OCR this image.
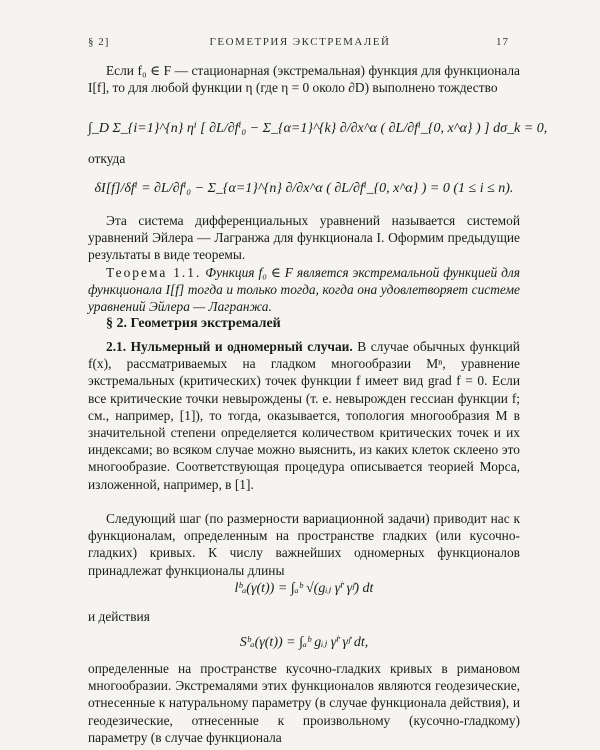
ГЕОМЕТРИЯ ЭКСТРЕМАЛЕЙ
§ 2]	17

Если f₀ ∈ F — стационарная (экстремальная) функция для функционала I[f], то для любой функции η (где η = 0 около ∂D) выполнено тождество

∫_D Σ_{i=1}^{n} ηⁱ [ ∂L/∂fⁱ₀ − Σ_{α=1}^{k} ∂/∂x^α ( ∂L/∂fⁱ_{0, x^α} ) ] dσ_k = 0,

откуда

δI[f]/δfⁱ = ∂L/∂fⁱ₀ − Σ_{α=1}^{n} ∂/∂x^α ( ∂L/∂fⁱ_{0, x^α} ) = 0 (1 ≤ i ≤ n).

Эта система дифференциальных уравнений называется системой уравнений Эйлера — Лагранжа для функционала I. Оформим предыдущие результаты в виде теоремы.

Теорема 1.1. Функция f₀ ∈ F является экстремальной функцией для функционала I[f] тогда и только тогда, когда она удовлетворяет системе уравнений Эйлера — Лагранжа.

§ 2. Геометрия экстремалей

2.1. Нульмерный и одномерный случаи. В случае обычных функций f(x), рассматриваемых на гладком многообразии Mⁿ, уравнение экстремальных (критических) точек функции f имеет вид grad f = 0. Если все критические точки невырождены (т. е. невырожден гессиан функции f; см., например, [1]), то тогда, оказывается, топология многообразия M в значительной степени определяется количеством критических точек и их индексами; во всяком случае можно выяснить, из каких клеток склеено это многообразие. Соответствующая процедура описывается теорией Морса, изложенной, например, в [1].

Следующий шаг (по размерности вариационной задачи) приводит нас к функционалам, определенным на пространстве гладких (или кусочно-гладких) кривых. К числу важнейших одномерных функционалов принадлежат функционалы длины

lᵇₐ(γ(t)) = ∫ₐᵇ √(gᵢⱼ γ̇ⁱ γ̇ʲ) dt

и действия

Sᵇₐ(γ(t)) = ∫ₐᵇ gᵢⱼ γ̇ⁱ γ̇ʲ dt,

определенные на пространстве кусочно-гладких кривых в римановом многообразии. Экстремалями этих функционалов являются геодезические, отнесенные к натуральному параметру (в случае функционала действия), и геодезические, отнесенные к произвольному (кусочно-гладкому) параметру (в случае функционала
